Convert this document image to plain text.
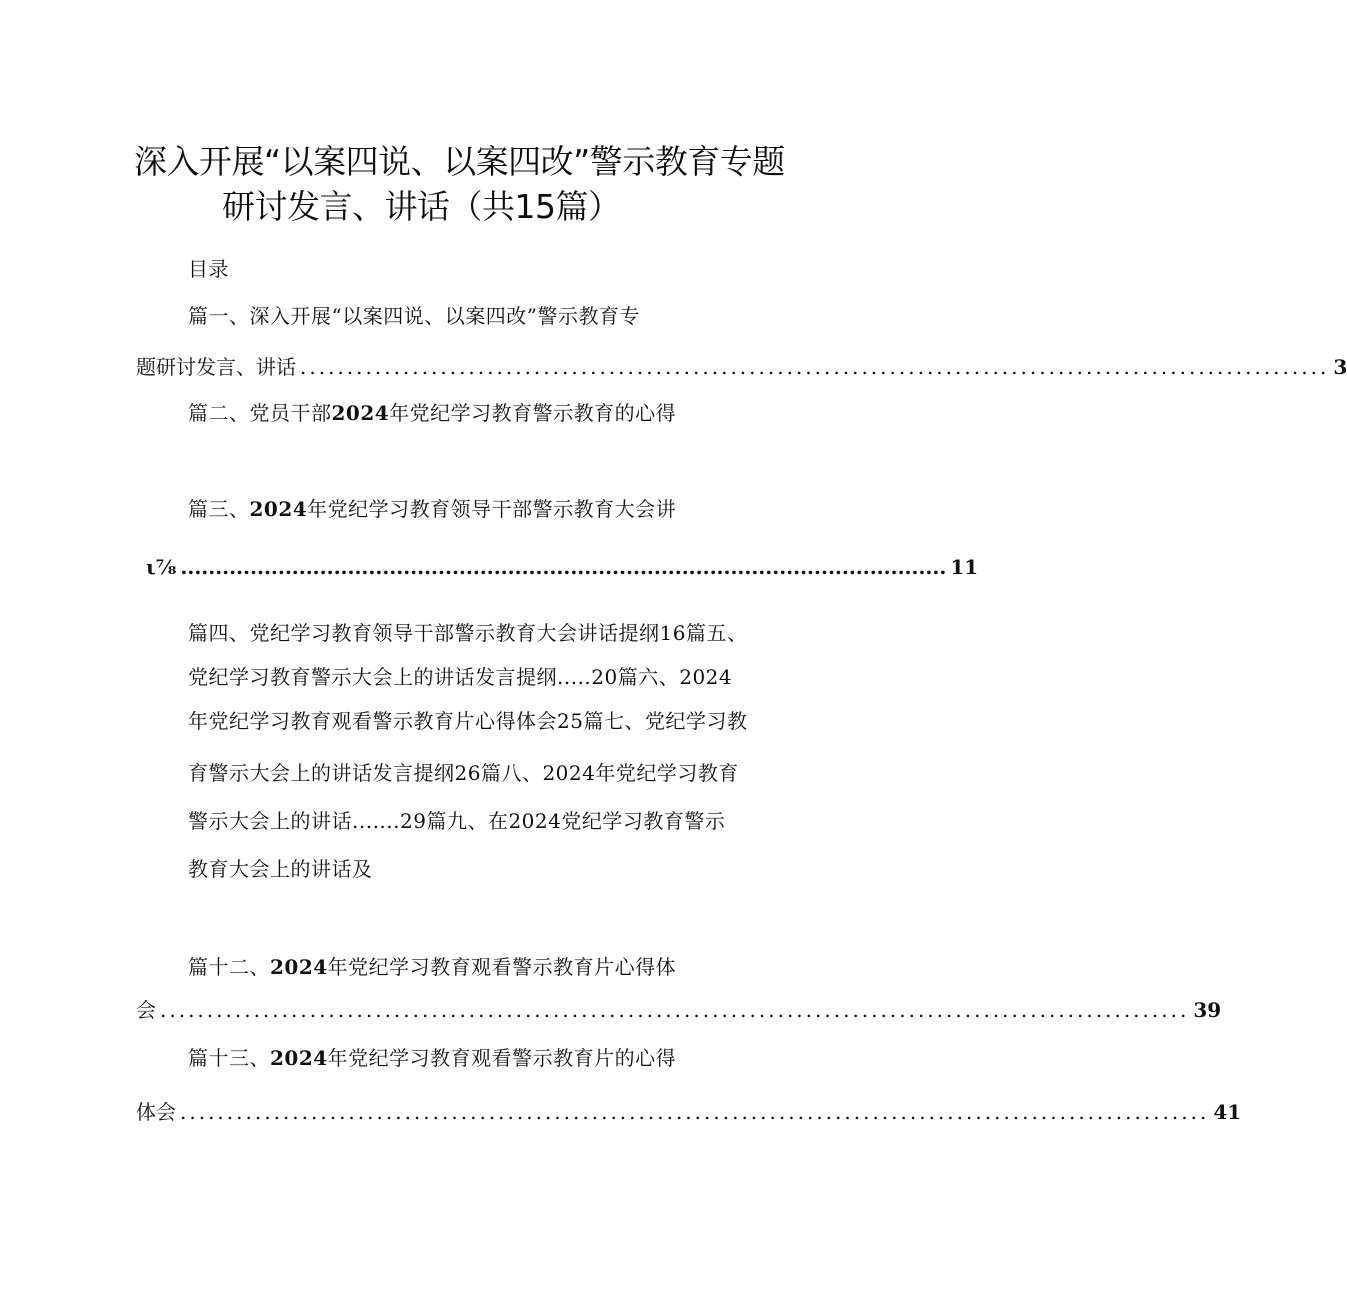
深入开展“以案四说、以案四改”警示教育专题
研讨发言、讲话（共15篇）
目录
篇一、深入开展“以案四说、以案四改”警示教育专
题研讨发言、讲话 .............................................................................................................. 3
篇二、党员干部2024年党纪学习教育警示教育的心得
篇三、2024年党纪学习教育领导干部警示教育大会讲
ι⅞ .............................................................................................................. 11
篇四、党纪学习教育领导干部警示教育大会讲话提纲16篇五、
党纪学习教育警示大会上的讲话发言提纲.....20篇六、2024
年党纪学习教育观看警示教育片心得体会25篇七、党纪学习教
育警示大会上的讲话发言提纲26篇八、2024年党纪学习教育
警示大会上的讲话.......29篇九、在2024党纪学习教育警示
教育大会上的讲话及
篇十二、2024年党纪学习教育观看警示教育片心得体
会 .............................................................................................................. 39
篇十三、2024年党纪学习教育观看警示教育片的心得
体会 .............................................................................................................. 41
